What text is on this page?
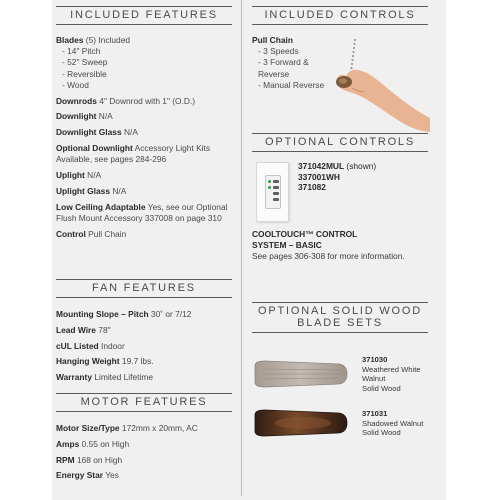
INCLUDED FEATURES
Blades (5) Included
- 14" Pitch
- 52" Sweep
- Reversible
- Wood
Downrods 4" Downrod with 1" (O.D.)
Downlight N/A
Downlight Glass N/A
Optional Downlight Accessory Light Kits Available, see pages 284-296
Uplight N/A
Uplight Glass N/A
Low Ceiling Adaptable Yes, see our Optional Flush Mount Accessory 337008 on page 310
Control Pull Chain
FAN FEATURES
Mounting Slope – Pitch 30˚ or 7/12
Lead Wire 78"
cUL Listed Indoor
Hanging Weight 19.7 lbs.
Warranty Limited Lifetime
MOTOR FEATURES
Motor Size/Type 172mm x 20mm, AC
Amps 0.55 on High
RPM 168 on High
Energy Star Yes
INCLUDED CONTROLS
Pull Chain
- 3 Speeds
- 3 Forward & Reverse
- Manual Reverse
OPTIONAL CONTROLS
COOLTOUCH™ CONTROL
SYSTEM – BASIC
See pages 306-308 for more information.
OPTIONAL SOLID WOOD
BLADE SETS
371042MUL (shown)
337001WH
371082
371030
Weathered White
Walnut
Solid Wood
371031
Shadowed Walnut
Solid Wood
